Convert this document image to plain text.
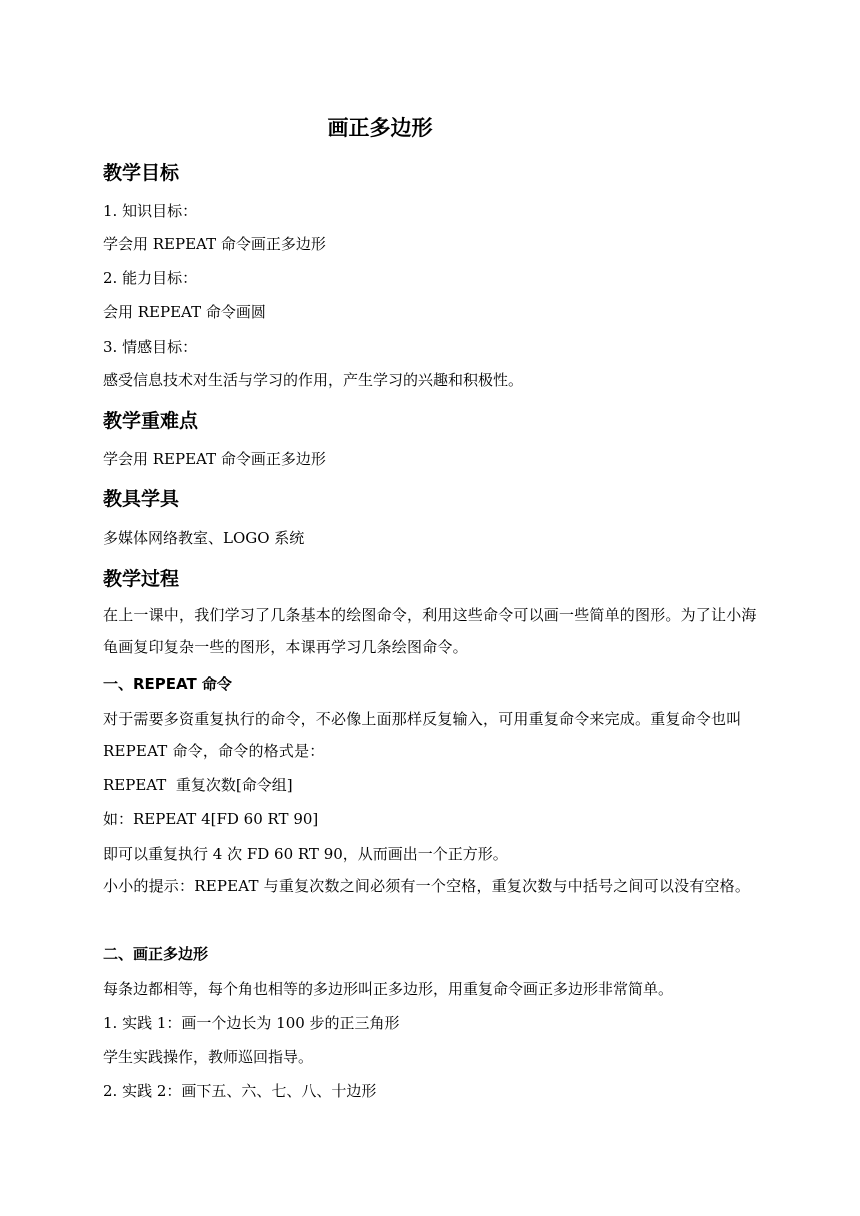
画正多边形
教学目标

1. 知识目标：

学会用 REPEAT 命令画正多边形

2. 能力目标：

会用 REPEAT 命令画圆

3. 情感目标：

感受信息技术对生活与学习的作用，产生学习的兴趣和积极性。

教学重难点

学会用 REPEAT 命令画正多边形

教具学具

多媒体网络教室、LOGO 系统

教学过程

在上一课中，我们学习了几条基本的绘图命令，利用这些命令可以画一些简单的图形。为了让小海龟画复印复杂一些的图形，本课再学习几条绘图命令。

一、REPEAT 命令

对于需要多资重复执行的命令，不必像上面那样反复输入，可用重复命令来完成。重复命令也叫 REPEAT 命令，命令的格式是：

REPEAT  重复次数[命令组]

如：REPEAT 4[FD 60 RT 90]

即可以重复执行 4 次 FD 60 RT 90，从而画出一个正方形。

小小的提示：REPEAT 与重复次数之间必须有一个空格，重复次数与中括号之间可以没有空格。

二、画正多边形

每条边都相等，每个角也相等的多边形叫正多边形，用重复命令画正多边形非常简单。

1. 实践 1：画一个边长为 100 步的正三角形

学生实践操作，教师巡回指导。

2. 实践 2：画下五、六、七、八、十边形
